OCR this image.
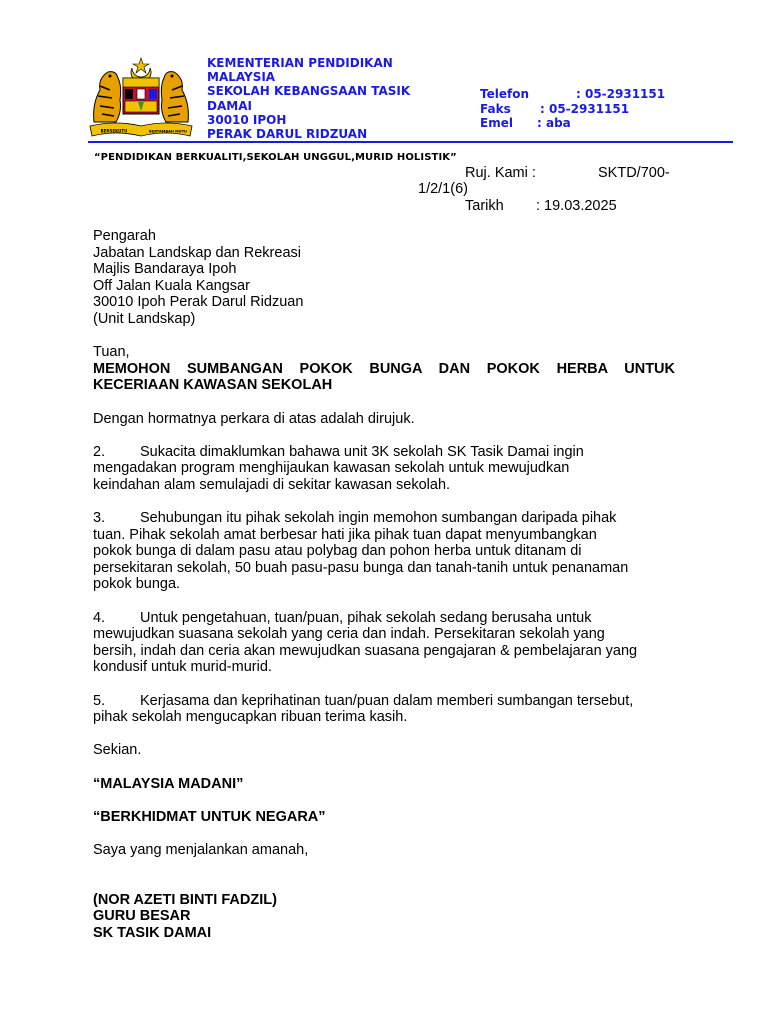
BERSEKUTU	BERTAMBAH MUTU
KEMENTERIAN PENDIDIKAN
MALAYSIA
SEKOLAH KEBANGSAAN TASIK
DAMAI
30010 IPOH
PERAK DARUL RIDZUAN
Telefon	: 05-2931151
Faks : 05-2931151
Emel : aba
“PENDIDIKAN BERKUALITI,SEKOLAH UNGGUL,MURID HOLISTIK”
Ruj. Kami :	SKTD/700-
1/2/1(6)
Tarikh : 19.03.2025
Pengarah
Jabatan Landskap dan Rekreasi
Majlis Bandaraya Ipoh
Off Jalan Kuala Kangsar
30010 Ipoh Perak Darul Ridzuan
(Unit Landskap)
Tuan,
MEMOHON SUMBANGAN POKOK BUNGA DAN POKOK HERBA UNTUK KECERIAAN KAWASAN SEKOLAH
Dengan hormatnya perkara di atas adalah dirujuk.
2. Sukacita dimaklumkan bahawa unit 3K sekolah SK Tasik Damai ingin
mengadakan program menghijaukan kawasan sekolah untuk mewujudkan
keindahan alam semulajadi di sekitar kawasan sekolah.
3. Sehubungan itu pihak sekolah ingin memohon sumbangan daripada pihak
tuan. Pihak sekolah amat berbesar hati jika pihak tuan dapat menyumbangkan
pokok bunga di dalam pasu atau polybag dan pohon herba untuk ditanam di
persekitaran sekolah, 50 buah pasu-pasu bunga dan tanah-tanih untuk penanaman
pokok bunga.
4. Untuk pengetahuan, tuan/puan, pihak sekolah sedang berusaha untuk
mewujudkan suasana sekolah yang ceria dan indah. Persekitaran sekolah yang
bersih, indah dan ceria akan mewujudkan suasana pengajaran & pembelajaran yang
kondusif untuk murid-murid.
5. Kerjasama dan keprihatinan tuan/puan dalam memberi sumbangan tersebut,
pihak sekolah mengucapkan ribuan terima kasih.
Sekian.
“MALAYSIA MADANI”
“BERKHIDMAT UNTUK NEGARA”
Saya yang menjalankan amanah,
(NOR AZETI BINTI FADZIL)
GURU BESAR
SK TASIK DAMAI
